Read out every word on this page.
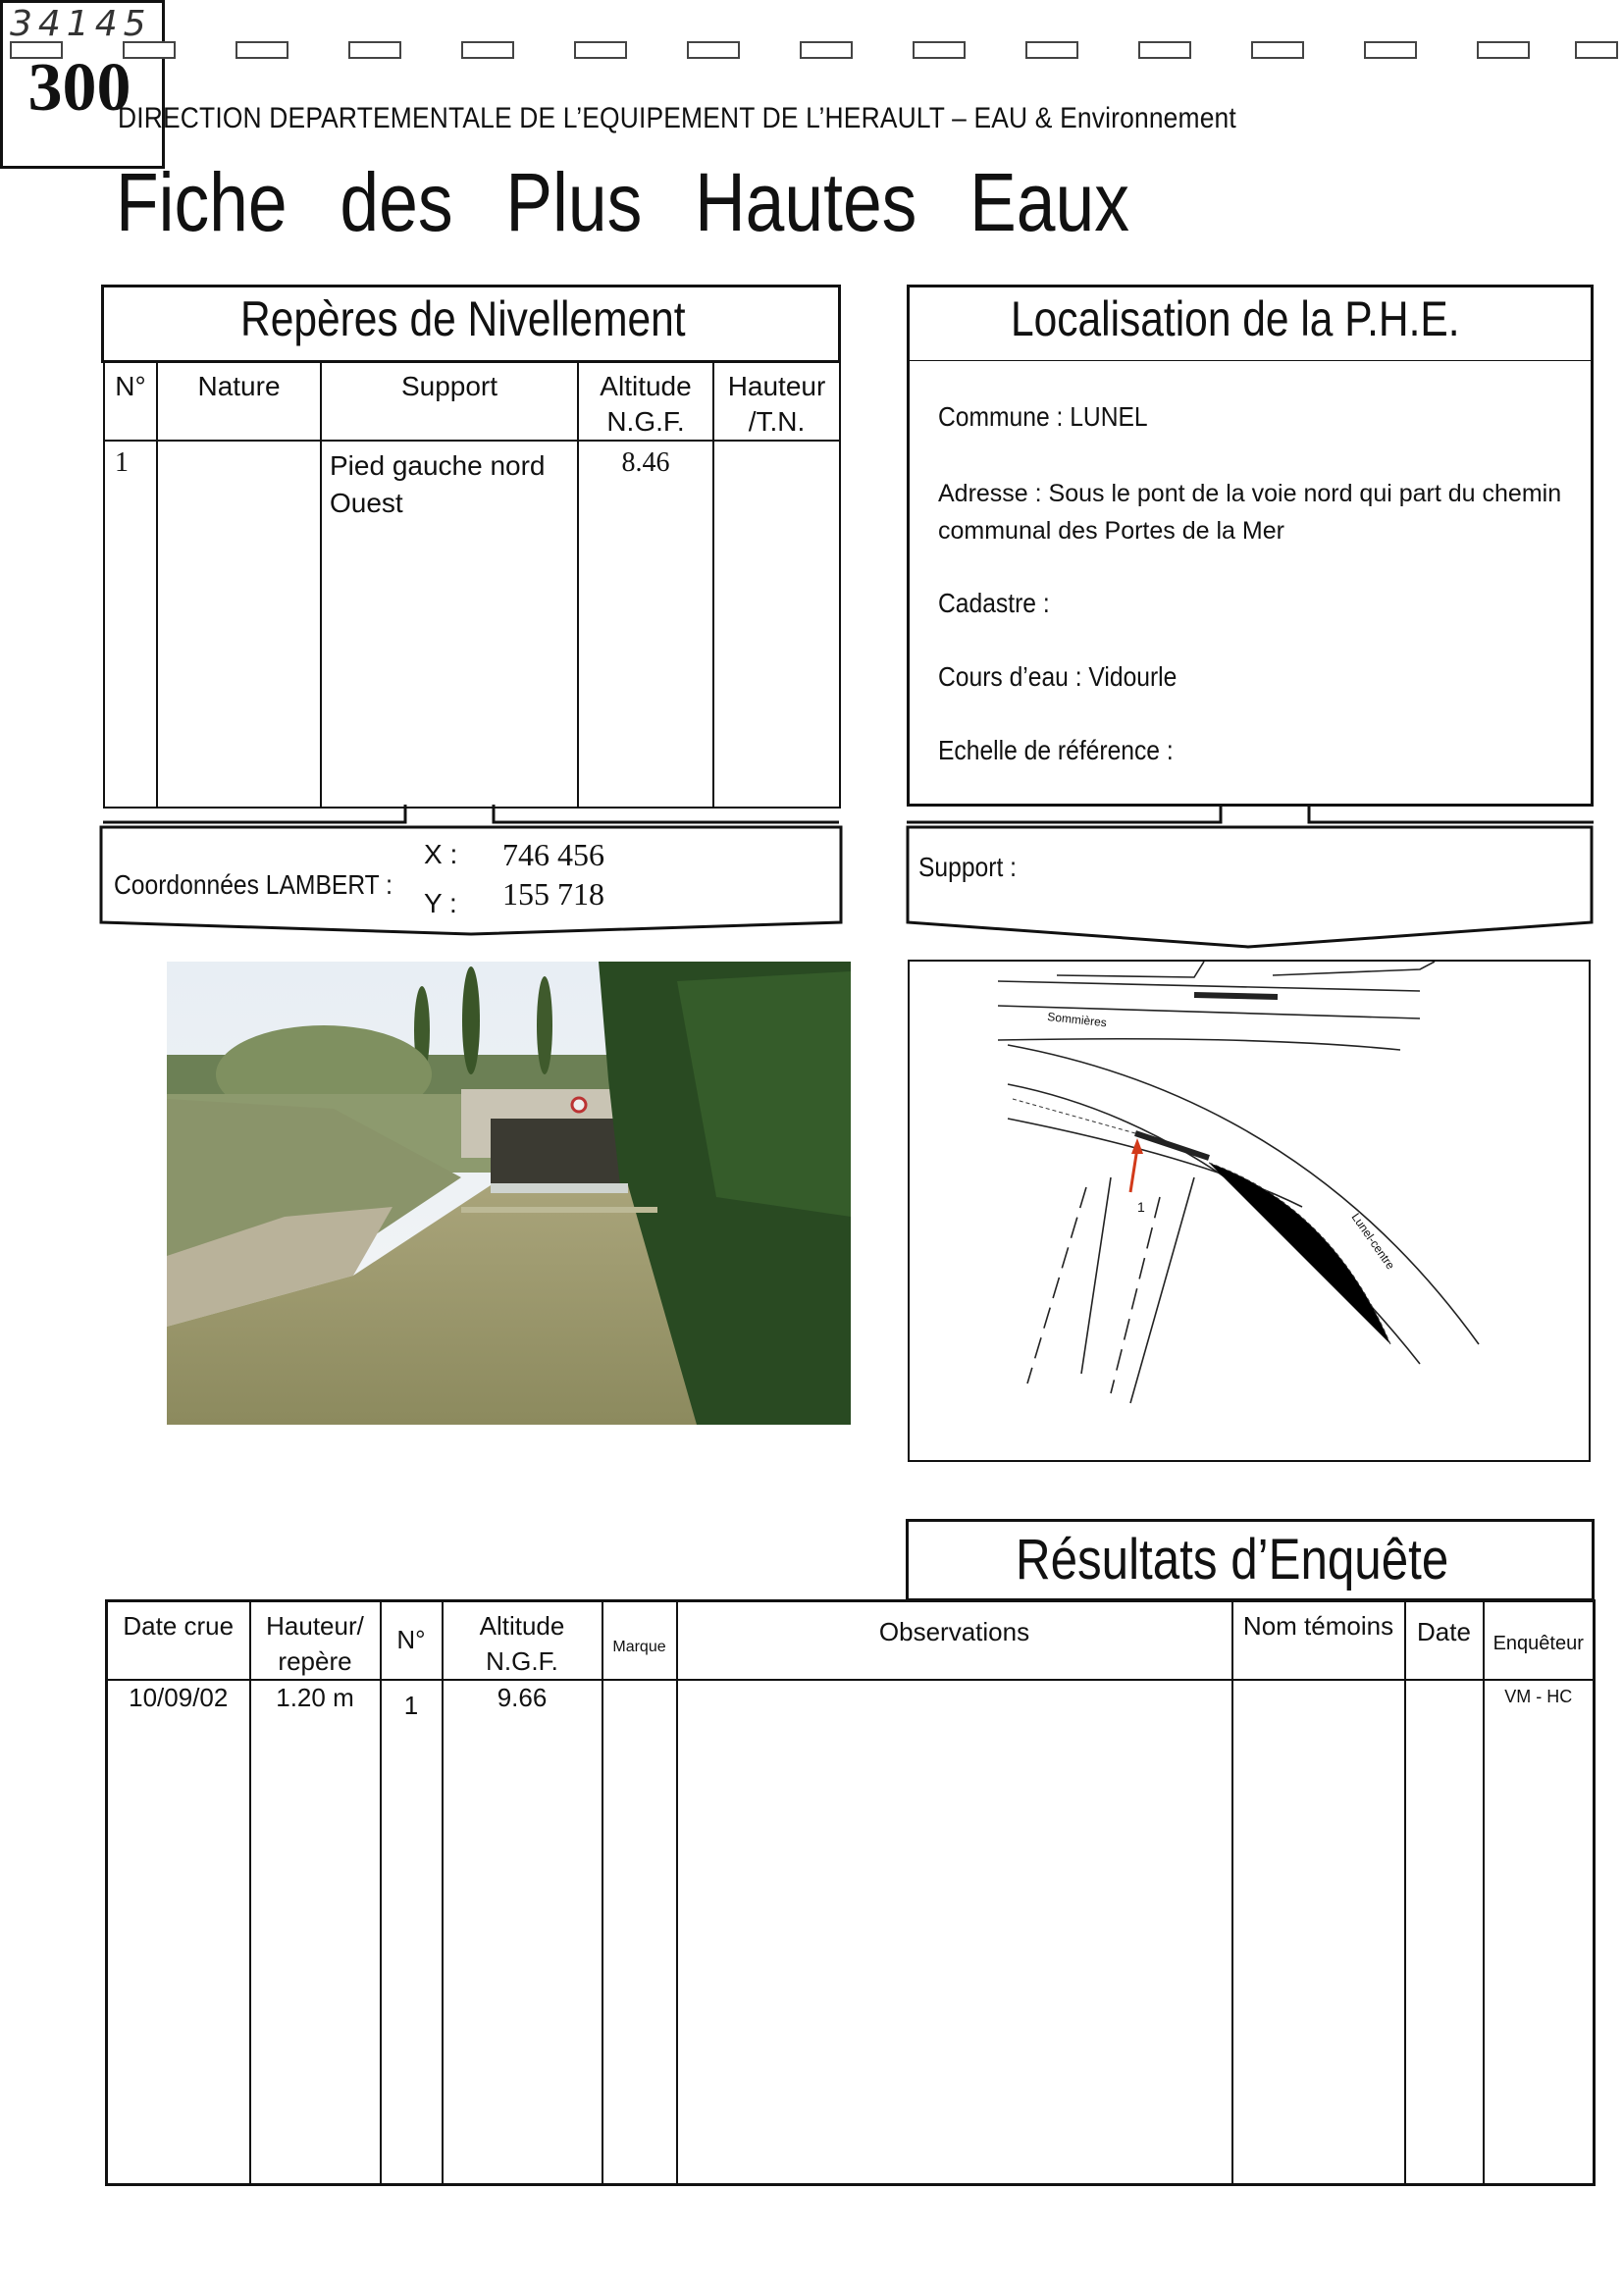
DIRECTION DEPARTEMENTALE DE L’EQUIPEMENT DE L’HERAULT – EAU & Environnement
Fiche des Plus Hautes Eaux
34145
300
Repères de Nivellement
N°	Nature	Support	Altitude N.G.F.	Hauteur /T.N.
1		Pied gauche nord Ouest	8.46	
Coordonnées LAMBERT :
X : 746 456
Y : 155 718
Localisation de la P.H.E.
Commune : LUNEL
Adresse : Sous le pont de la voie nord qui part du chemin communal des Portes de la Mer
Cadastre :
Cours d’eau : Vidourle
Echelle de référence :
Support :
1
Sommières
Lunel-centre
Résultats d’Enquête
Date crue	Hauteur/ repère	N°	Altitude N.G.F.	Marque	Observations	Nom témoins	Date	Enquêteur
10/09/02	1.20 m	1	9.66					VM - HC
